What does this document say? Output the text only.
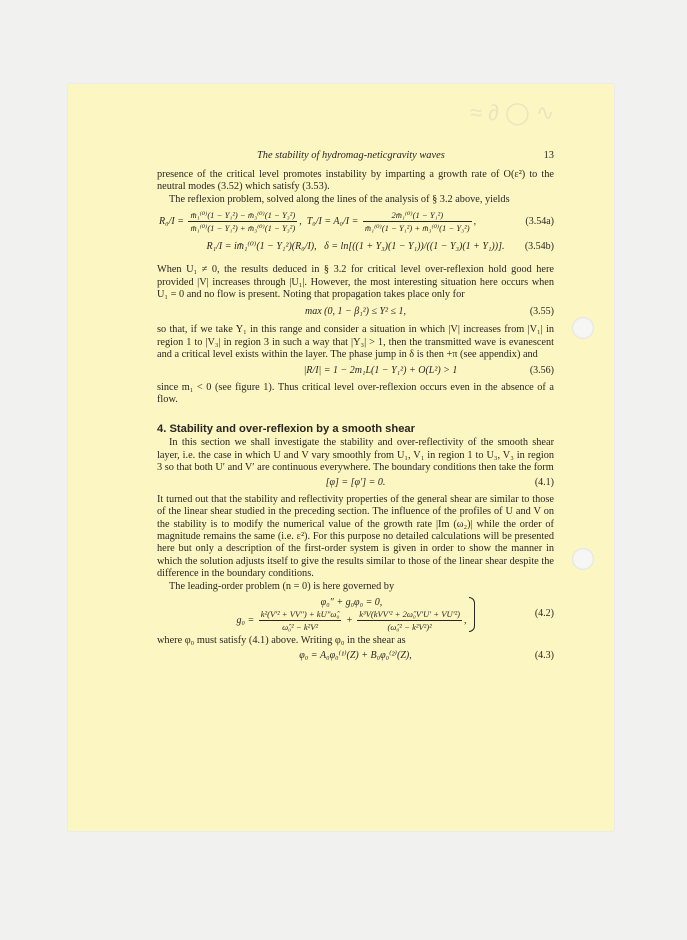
≈ ∂ ◯ ∿
The stability of hydromag-neticgravity waves	13

presence of the critical level promotes instability by imparting a growth rate of O(ε²) to the neutral modes (3.52) which satisfy (3.53).

The reflexion problem, solved along the lines of the analysis of § 3.2 above, yields

$R_0/I = \frac{\text{m̄₁⁽⁰⁾(1 − Y₁²) − m̄₃⁽⁰⁾(1 − Y₃²)}}{\text{m̄₁⁽⁰⁾(1 − Y₁²) + m̄₃⁽⁰⁾(1 − Y₃²)}}$ ,  $T_0/I = A_0/I = \frac{\text{2m̄₁⁽⁰⁾(1 − Y₁²)}}{\text{m̄₁⁽⁰⁾(1 − Y₁²) + m̄₃⁽⁰⁾(1 − Y₃²)}}$ ,	(3.54a)
R₁/I = im̄₁⁽⁰⁾(1 − Y₁²)(R₀/I), δ = ln[((1 + Y₃)(1 − Y₁))/((1 − Y₃)(1 + Y₁))]. (3.54b)

When U₁ ≠ 0, the results deduced in § 3.2 for critical level over-reflexion hold good here provided |V| increases through |U₁|. However, the most interesting situation here occurs when U₁ = 0 and no flow is present. Noting that propagation takes place only for

max (0, 1 − β₁²) ≤ Y² ≤ 1,	(3.55)

so that, if we take Y₁ in this range and consider a situation in which |V| increases from |V₁| in region 1 to |V₃| in region 3 in such a way that |Y₃| > 1, then the transmitted wave is evanescent and a critical level exists within the layer. The phase jump in δ is then +π (see appendix) and

|R/I| = 1 − 2m₁L(1 − Y₁²) + O(L²) > 1	(3.56)

since m₁ < 0 (see figure 1). Thus critical level over-reflexion occurs even in the absence of a flow.

4. Stability and over-reflexion by a smooth shear

In this section we shall investigate the stability and over-reflectivity of the smooth shear layer, i.e. the case in which U and V vary smoothly from U₁, V₁ in region 1 to U₃, V₃ in region 3 so that both U′ and V′ are continuous everywhere. The boundary conditions then take the form

[φ] = [φ′] = 0.	(4.1)

It turned out that the stability and reflectivity properties of the general shear are similar to those of the linear shear studied in the preceding section. The influence of the profiles of U and V on the stability is to modify the numerical value of the growth rate |Im (ω₂)| while the order of magnitude remains the same (i.e. ε²). For this purpose no detailed calculations will be presented here but only a description of the first-order system is given in order to show the manner in which the solution adjusts itself to give the results similar to those of the linear shear despite the difference in the boundary conditions.

The leading-order problem (n = 0) is here governed by

φ₀″ + g₀φ₀ = 0,
$g_0 = \frac{\text{k²(V′² + VV″) + kU″ω̂₀}}{\text{ω̂₀² − k²V²}} + \frac{\text{k³V(kVV′² + 2ω̂₀V′U′ + VU′²)}}{\text{(ω̂₀² − k²V²)²}}$ ,
(4.2)

where φ₀ must satisfy (4.1) above. Writing φ₀ in the shear as

φ₀ = A₀φ₀⁽¹⁾(Z) + B₀φ₀⁽²⁾(Z),	(4.3)
